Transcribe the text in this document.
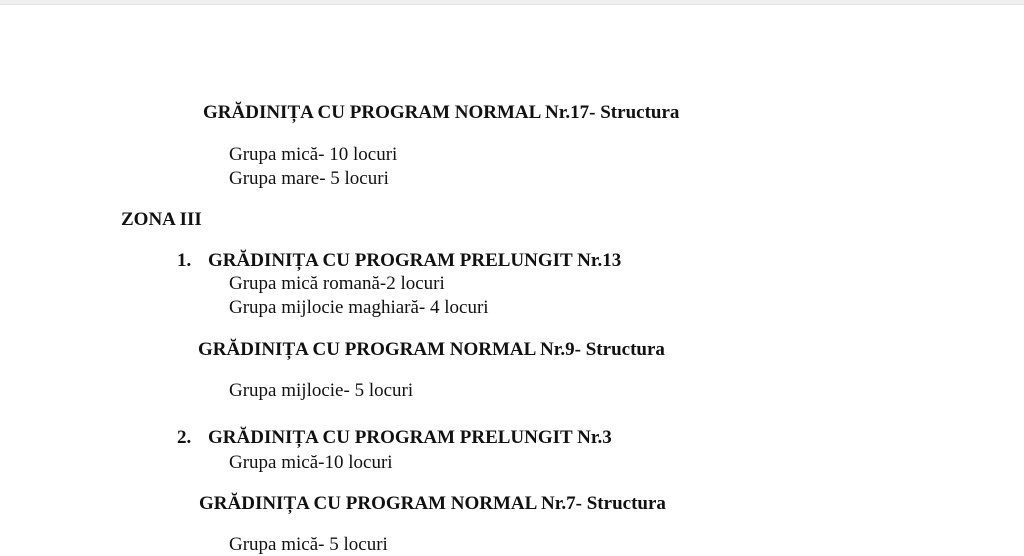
GRĂDINIȚA CU PROGRAM NORMAL Nr.17- Structura
Grupa mică- 10 locuri
Grupa mare- 5 locuri
ZONA III
1. GRĂDINIȚA CU PROGRAM PRELUNGIT Nr.13
Grupa mică romană-2 locuri
Grupa mijlocie maghiară- 4 locuri
GRĂDINIȚA CU PROGRAM NORMAL Nr.9- Structura
Grupa mijlocie- 5 locuri
2. GRĂDINIȚA CU PROGRAM PRELUNGIT Nr.3
Grupa mică-10 locuri
GRĂDINIȚA CU PROGRAM NORMAL Nr.7- Structura
Grupa mică- 5 locuri
